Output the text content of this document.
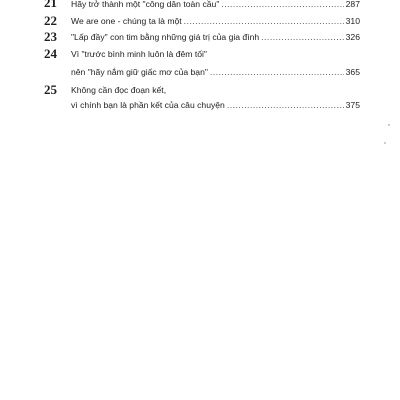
21	Hãy trở thành một "công dân toàn cầu" .....	287
22	We are one - chúng ta là một .....	310
23	"Lấp đầy" con tim bằng những giá trị của gia đình .....	326
24	Vì "trước bình minh luôn là đêm tối"
nên "hãy nắm giữ giấc mơ của bạn" .....	365
25	Không cần đọc đoạn kết,
vì chính bạn là phần kết của câu chuyện .....	375
